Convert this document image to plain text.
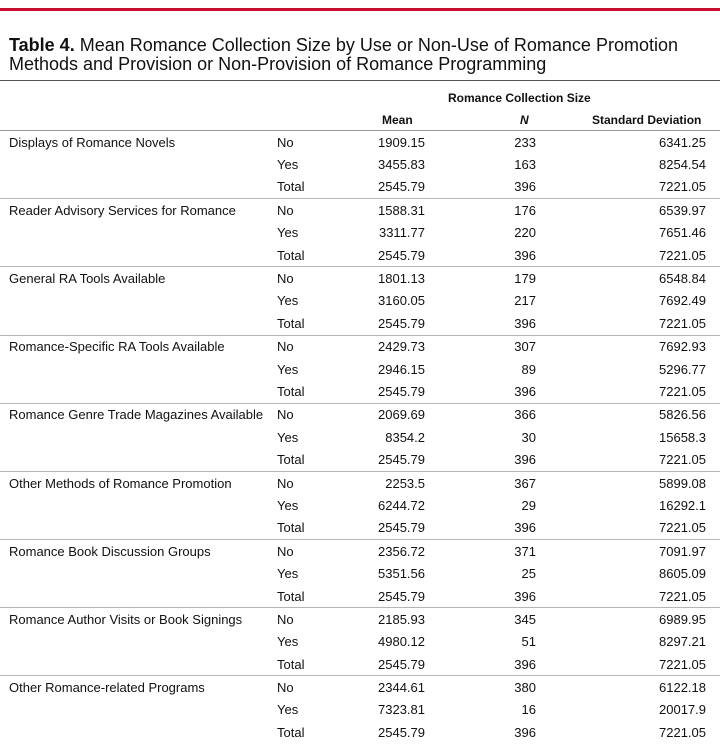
Table 4. Mean Romance Collection Size by Use or Non-Use of Romance Promotion Methods and Provision or Non-Provision of Romance Programming
Romance Collection Size
Mean	N	Standard Deviation
Displays of Romance Novels	No	1909.15	233	6341.25
	Yes	3455.83	163	8254.54
	Total	2545.79	396	7221.05
Reader Advisory Services for Romance	No	1588.31	176	6539.97
	Yes	3311.77	220	7651.46
	Total	2545.79	396	7221.05
General RA Tools Available	No	1801.13	179	6548.84
	Yes	3160.05	217	7692.49
	Total	2545.79	396	7221.05
Romance-Specific RA Tools Available	No	2429.73	307	7692.93
	Yes	2946.15	89	5296.77
	Total	2545.79	396	7221.05
Romance Genre Trade Magazines Available	No	2069.69	366	5826.56
	Yes	8354.2	30	15658.3
	Total	2545.79	396	7221.05
Other Methods of Romance Promotion	No	2253.5	367	5899.08
	Yes	6244.72	29	16292.1
	Total	2545.79	396	7221.05
Romance Book Discussion Groups	No	2356.72	371	7091.97
	Yes	5351.56	25	8605.09
	Total	2545.79	396	7221.05
Romance Author Visits or Book Signings	No	2185.93	345	6989.95
	Yes	4980.12	51	8297.21
	Total	2545.79	396	7221.05
Other Romance-related Programs	No	2344.61	380	6122.18
	Yes	7323.81	16	20017.9
	Total	2545.79	396	7221.05
